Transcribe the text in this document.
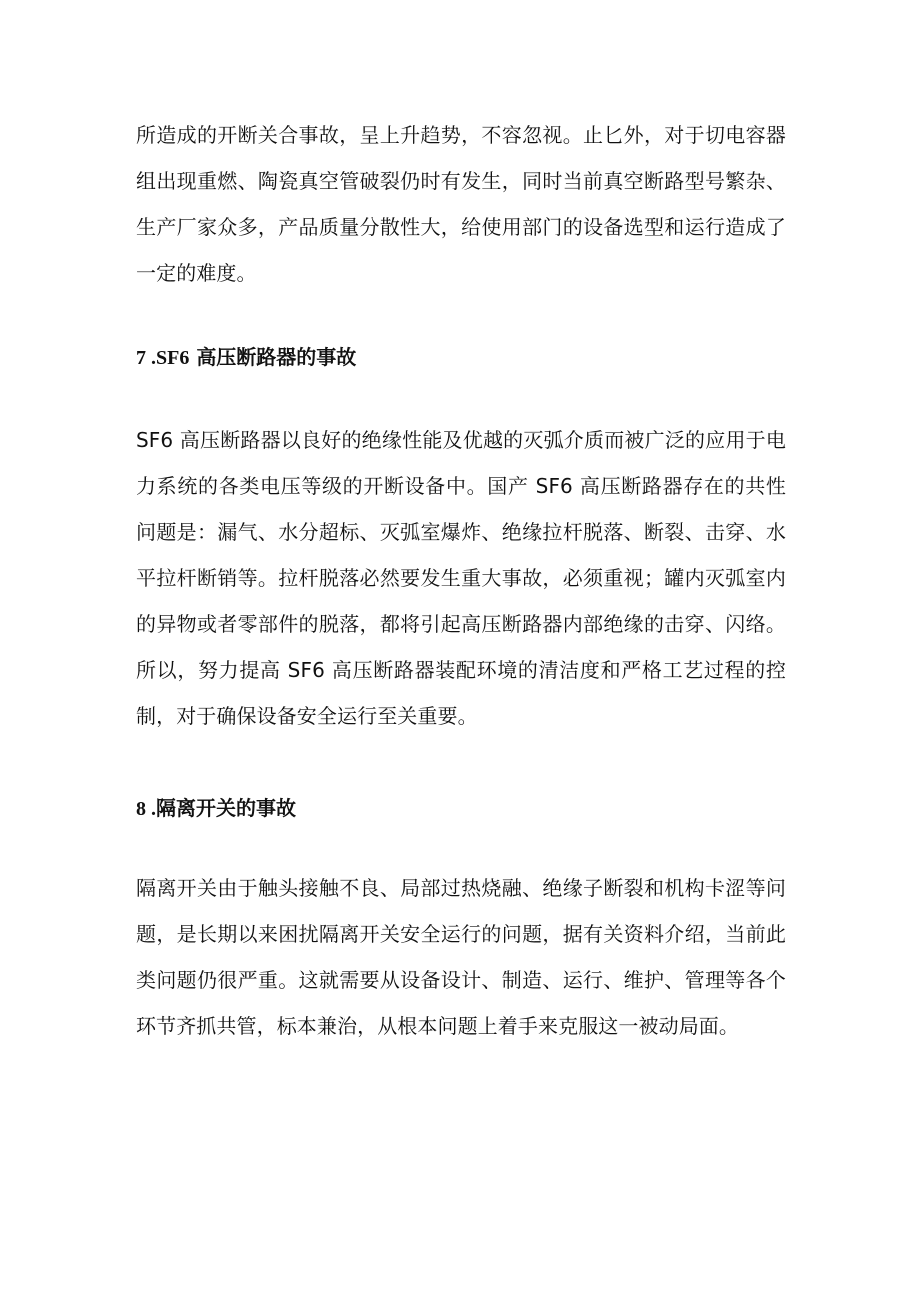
所造成的开断关合事故，呈上升趋势，不容忽视。止匕外，对于切电容器组出现重燃、陶瓷真空管破裂仍时有发生，同时当前真空断路型号繁杂、生产厂家众多，产品质量分散性大，给使用部门的设备选型和运行造成了一定的难度。

7 .SF6 高压断路器的事故

SF6 高压断路器以良好的绝缘性能及优越的灭弧介质而被广泛的应用于电力系统的各类电压等级的开断设备中。国产 SF6 高压断路器存在的共性问题是：漏气、水分超标、灭弧室爆炸、绝缘拉杆脱落、断裂、击穿、水平拉杆断销等。拉杆脱落必然要发生重大事故，必须重视；罐内灭弧室内的异物或者零部件的脱落，都将引起高压断路器内部绝缘的击穿、闪络。所以，努力提高 SF6 高压断路器装配环境的清洁度和严格工艺过程的控制，对于确保设备安全运行至关重要。

8 .隔离开关的事故

隔离开关由于触头接触不良、局部过热烧融、绝缘子断裂和机构卡涩等问题，是长期以来困扰隔离开关安全运行的问题，据有关资料介绍，当前此类问题仍很严重。这就需要从设备设计、制造、运行、维护、管理等各个环节齐抓共管，标本兼治，从根本问题上着手来克服这一被动局面。
